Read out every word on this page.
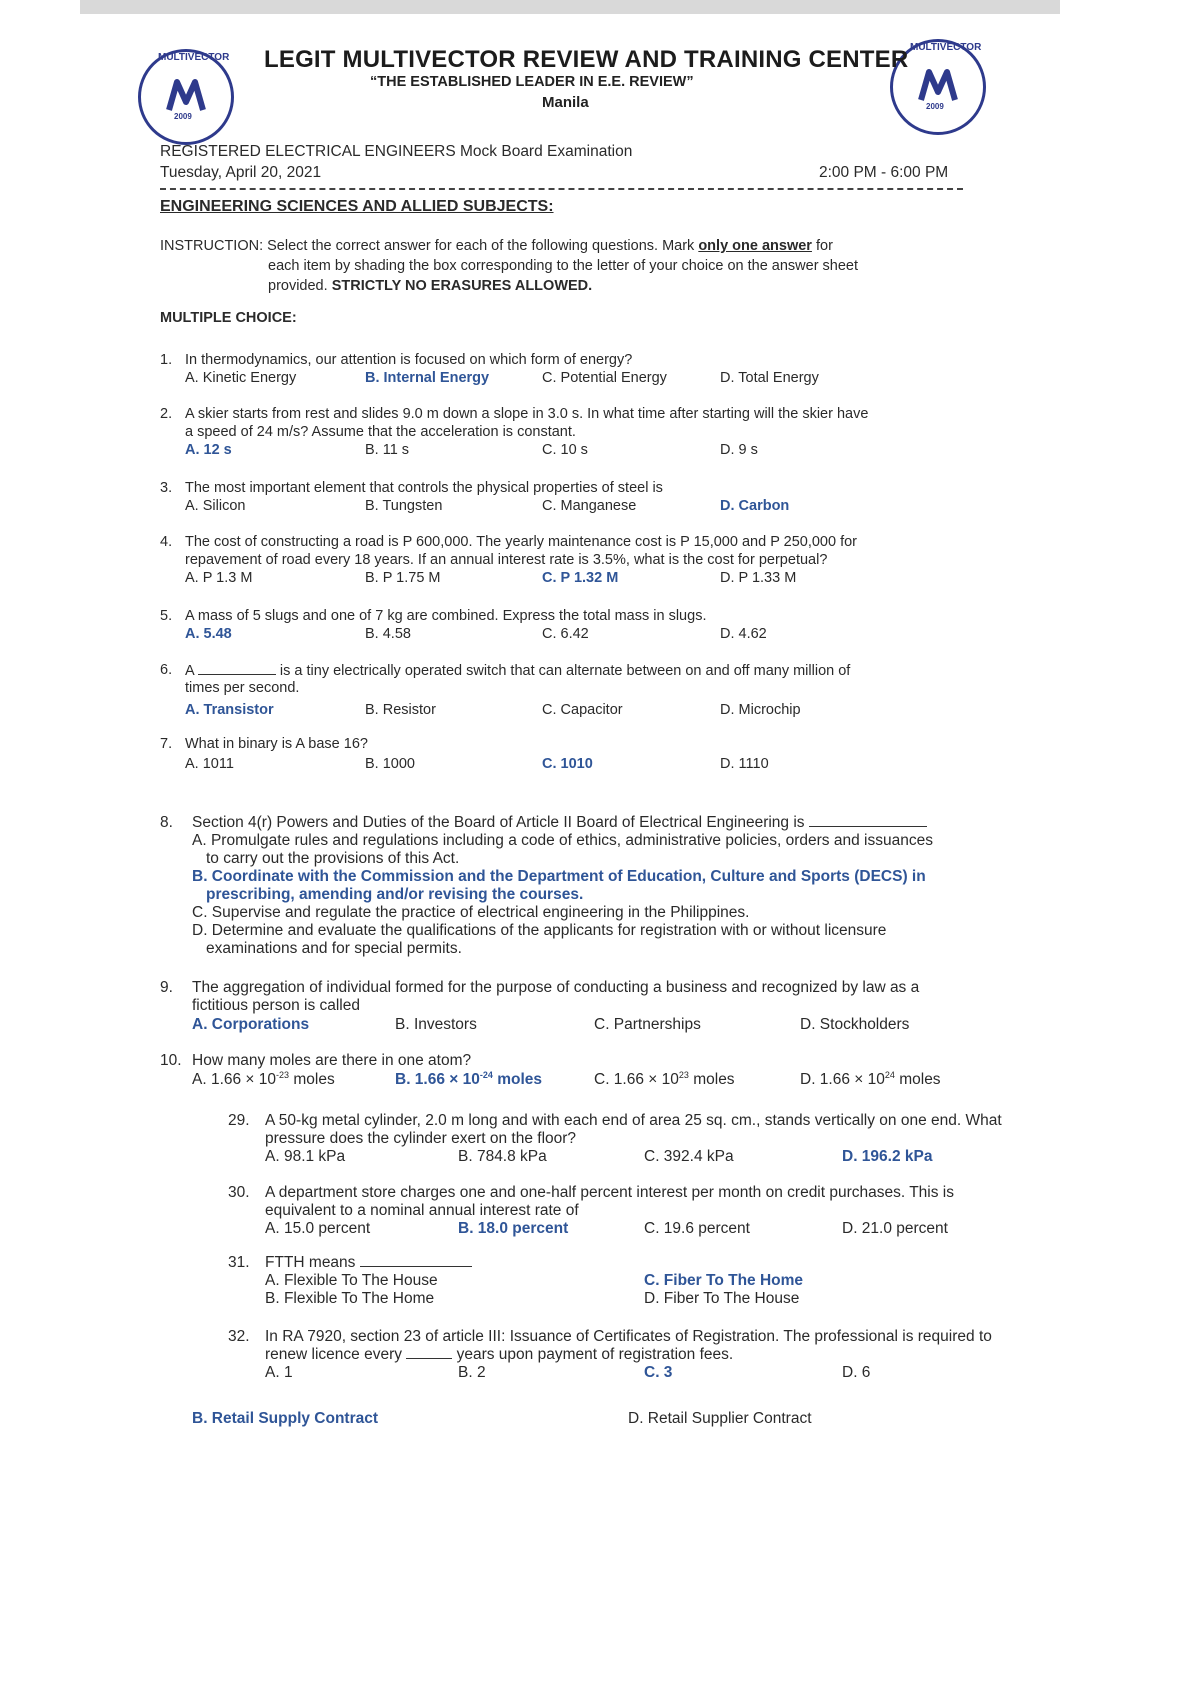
MULTIVECTOR
2009
MULTIVECTOR
2009
LEGIT MULTIVECTOR REVIEW AND TRAINING CENTER
“THE ESTABLISHED LEADER IN E.E. REVIEW”
Manila
REGISTERED ELECTRICAL ENGINEERS Mock Board Examination
Tuesday, April 20, 2021	2:00 PM - 6:00 PM
ENGINEERING SCIENCES AND ALLIED SUBJECTS:
INSTRUCTION: Select the correct answer for each of the following questions. Mark only one answer for
each item by shading the box corresponding to the letter of your choice on the answer sheet
provided. STRICTLY NO ERASURES ALLOWED.
MULTIPLE CHOICE:
1. In thermodynamics, our attention is focused on which form of energy?
A. Kinetic Energy	B. Internal Energy	C. Potential Energy	D. Total Energy
2. A skier starts from rest and slides 9.0 m down a slope in 3.0 s. In what time after starting will the skier have
a speed of 24 m/s? Assume that the acceleration is constant.
A. 12 s	B. 11 s	C. 10 s	D. 9 s
3. The most important element that controls the physical properties of steel is
A. Silicon	B. Tungsten	C. Manganese	D. Carbon
4. The cost of constructing a road is P 600,000. The yearly maintenance cost is P 15,000 and P 250,000 for
repavement of road every 18 years. If an annual interest rate is 3.5%, what is the cost for perpetual?
A. P 1.3 M	B. P 1.75 M	C. P 1.32 M	D. P 1.33 M
5. A mass of 5 slugs and one of 7 kg are combined. Express the total mass in slugs.
A. 5.48	B. 4.58	C. 6.42	D. 4.62
6. A	is a tiny electrically operated switch that can alternate between on and off many million of
times per second.
A. Transistor	B. Resistor	C. Capacitor	D. Microchip
7. What in binary is A base 16?
A. 1011	B. 1000	C. 1010	D. 1110
8. Section 4(r) Powers and Duties of the Board of Article II Board of Electrical Engineering is
A. Promulgate rules and regulations including a code of ethics, administrative policies, orders and issuances
to carry out the provisions of this Act.
B. Coordinate with the Commission and the Department of Education, Culture and Sports (DECS) in
prescribing, amending and/or revising the courses.
C. Supervise and regulate the practice of electrical engineering in the Philippines.
D. Determine and evaluate the qualifications of the applicants for registration with or without licensure
examinations and for special permits.
9. The aggregation of individual formed for the purpose of conducting a business and recognized by law as a
fictitious person is called
A. Corporations	B. Investors	C. Partnerships	D. Stockholders
10. How many moles are there in one atom?
A. $1.66 \times 10^{-23}$ moles	B. $1.66 \times 10^{-24}$ moles	C. $1.66 \times 10^{23}$ moles	D. $1.66 \times 10^{24}$ moles
29. A 50-kg metal cylinder, 2.0 m long and with each end of area 25 sq. cm., stands vertically on one end. What
pressure does the cylinder exert on the floor?
A. 98.1 kPa	B. 784.8 kPa	C. 392.4 kPa	D. 196.2 kPa
30. A department store charges one and one-half percent interest per month on credit purchases. This is
equivalent to a nominal annual interest rate of
A. 15.0 percent	B. 18.0 percent	C. 19.6 percent	D. 21.0 percent
31. FTTH means
A. Flexible To The House
B. Flexible To The Home
C. Fiber To The Home
D. Fiber To The House
32. In RA 7920, section 23 of article III: Issuance of Certificates of Registration. The professional is required to
renew licence every	years upon payment of registration fees.
A. 1	B. 2	C. 3	D. 6
B. Retail Supply Contract	D. Retail Supplier Contract
